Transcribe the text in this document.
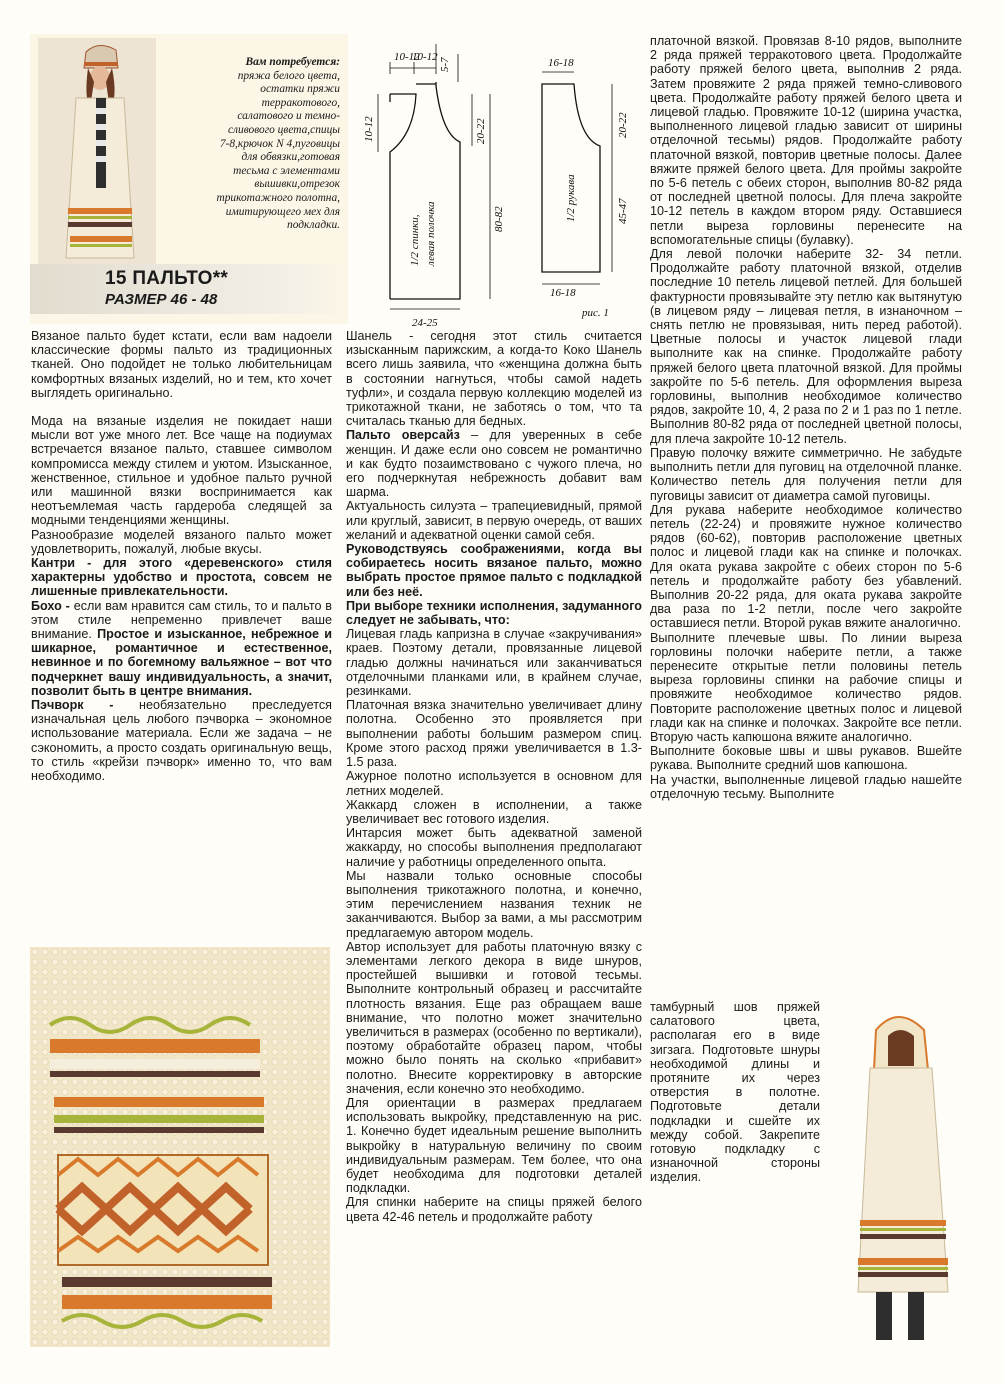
Вам потребуется:
пряжа белого цвета,
остатки пряжи
терракотового,
салатового и темно-
сливового цвета,спицы
7-8,крючок N 4,пуговицы
для обвязки,готовая
тесьма с элементами
вышивки,отрезок
трикотажного полотна,
имитирующего мех для
подкладки.
15 ПАЛЬТО**
РАЗМЕР 46 - 48
10-12
10-12
5-7
10-12	20-22
80-82
24-25
1/2 спинки, левая полочка
16-18
20-22
45-47
16-18
1/2 рукава
рис. 1

Вязаное пальто будет кстати, если вам надоели классические формы пальто из традиционных тканей. Оно подойдет не только любительницам комфортных вязаных изделий, но и тем, кто хочет выглядеть оригинально.

Мода на вязаные изделия не покидает наши мысли вот уже много лет. Все чаще на подиумах встречается вязаное пальто, ставшее символом компромисса между стилем и уютом. Изысканное, женственное, стильное и удобное пальто ручной или машинной вязки воспринимается как неотъемлемая часть гардероба следящей за модными тенденциями женщины.

Разнообразие моделей вязаного пальто может удовлетворить, пожалуй, любые вкусы.

Кантри - для этого «деревенского» стиля характерны удобство и простота, совсем не лишенные привлекательности.

Бохо - если вам нравится сам стиль, то и пальто в этом стиле непременно привлечет ваше внимание. Простое и изысканное, небрежное и шикарное, романтичное и естественное, невинное и по богемному вальяжное – вот что подчеркнет вашу индивидуальность, а значит, позволит быть в центре внимания.

Пэчворк - необязательно преследуется изначальная цель любого пэчворка – экономное использование материала. Если же задача – не сэкономить, а просто создать оригинальную вещь, то стиль «крейзи пэчворк» именно то, что вам необходимо.

Шанель - сегодня этот стиль считается изысканным парижским, а когда-то Коко Шанель всего лишь заявила, что «женщина должна быть в состоянии нагнуться, чтобы самой надеть туфли», и создала первую коллекцию моделей из трикотажной ткани, не заботясь о том, что та считалась тканью для бедных.

Пальто оверсайз – для уверенных в себе женщин. И даже если оно совсем не романтично и как будто позаимствовано с чужого плеча, но его подчеркнутая небрежность добавит вам шарма.

Актуальность силуэта – трапециевидный, прямой или круглый, зависит, в первую очередь, от ваших желаний и адекватной оценки самой себя.

Руководствуясь соображениями, когда вы собираетесь носить вязаное пальто, можно выбрать простое прямое пальто с подкладкой или без неё.

При выборе техники исполнения, задуманного следует не забывать, что:

Лицевая гладь капризна в случае «закручивания» краев. Поэтому детали, провязанные лицевой гладью должны начинаться или заканчиваться отделочными планками или, в крайнем случае, резинками.

Платочная вязка значительно увеличивает длину полотна. Особенно это проявляется при выполнении работы большим размером спиц. Кроме этого расход пряжи увеличивается в 1.3-1.5 раза.

Ажурное полотно используется в основном для летних моделей.

Жаккард сложен в исполнении, а также увеличивает вес готового изделия.

Интарсия может быть адекватной заменой жаккарду, но способы выполнения предполагают наличие у работницы определенного опыта.

Мы назвали только основные способы выполнения трикотажного полотна, и конечно, этим перечислением названия техник не заканчиваются. Выбор за вами, а мы рассмотрим предлагаемую автором модель.

Автор использует для работы платочную вязку с элементами легкого декора в виде шнуров, простейшей вышивки и готовой тесьмы. Выполните контрольный образец и рассчитайте плотность вязания. Еще раз обращаем ваше внимание, что полотно может значительно увеличиться в размерах (особенно по вертикали), поэтому обработайте образец паром, чтобы можно было понять на сколько «прибавит» полотно. Внесите корректировку в авторские значения, если конечно это необходимо.

Для ориентации в размерах предлагаем использовать выкройку, представленную на рис. 1. Конечно будет идеальным решение выполнить выкройку в натуральную величину по своим индивидуальным размерам. Тем более, что она будет необходима для подготовки деталей подкладки.

Для спинки наберите на спицы пряжей белого цвета 42-46 петель и продолжайте работу

платочной вязкой. Провязав 8-10 рядов, выполните 2 ряда пряжей терракотового цвета. Продолжайте работу пряжей белого цвета, выполнив 2 ряда. Затем провяжите 2 ряда пряжей темно-сливового цвета. Продолжайте работу пряжей белого цвета и лицевой гладью. Провяжите 10-12 (ширина участка, выполненного лицевой гладью зависит от ширины отделочной тесьмы) рядов. Продолжайте работу платочной вязкой, повторив цветные полосы. Далее вяжите пряжей белого цвета. Для проймы закройте по 5-6 петель с обеих сторон, выполнив 80-82 ряда от последней цветной полосы. Для плеча закройте 10-12 петель в каждом втором ряду. Оставшиеся петли выреза горловины перенесите на вспомогательные спицы (булавку).

Для левой полочки наберите 32- 34 петли. Продолжайте работу платочной вязкой, отделив последние 10 петель лицевой петлей. Для большей фактурности провязывайте эту петлю как вытянутую (в лицевом ряду – лицевая петля, в изнаночном – снять петлю не провязывая, нить перед работой). Цветные полосы и участок лицевой глади выполните как на спинке. Продолжайте работу пряжей белого цвета платочной вязкой. Для проймы закройте по 5-6 петель. Для оформления выреза горловины, выполнив необходимое количество рядов, закройте 10, 4, 2 раза по 2 и 1 раз по 1 петле. Выполнив 80-82 ряда от последней цветной полосы, для плеча закройте 10-12 петель.

Правую полочку вяжите симметрично. Не забудьте выполнить петли для пуговиц на отделочной планке. Количество петель для получения петли для пуговицы зависит от диаметра самой пуговицы.

Для рукава наберите необходимое количество петель (22-24) и провяжите нужное количество рядов (60-62), повторив расположение цветных полос и лицевой глади как на спинке и полочках. Для оката рукава закройте с обеих сторон по 5-6 петель и продолжайте работу без убавлений. Выполнив 20-22 ряда, для оката рукава закройте два раза по 1-2 петли, после чего закройте оставшиеся петли. Второй рукав вяжите аналогично.

Выполните плечевые швы. По линии выреза горловины полочки наберите петли, а также перенесите открытые петли половины петель выреза горловины спинки на рабочие спицы и провяжите необходимое количество рядов. Повторите расположение цветных полос и лицевой глади как на спинке и полочках. Закройте все петли. Вторую часть капюшона вяжите аналогично.

Выполните боковые швы и швы рукавов. Вшейте рукава. Выполните средний шов капюшона.

На участки, выполненные лицевой гладью нашейте отделочную тесьму. Выполните

тамбурный шов пряжей салатового цвета, располагая его в виде зигзага. Подготовьте шнуры необходимой длины и протяните их через отверстия в полотне. Подготовьте детали подкладки и сшейте их между собой. Закрепите готовую подкладку с изнаночной стороны изделия.
